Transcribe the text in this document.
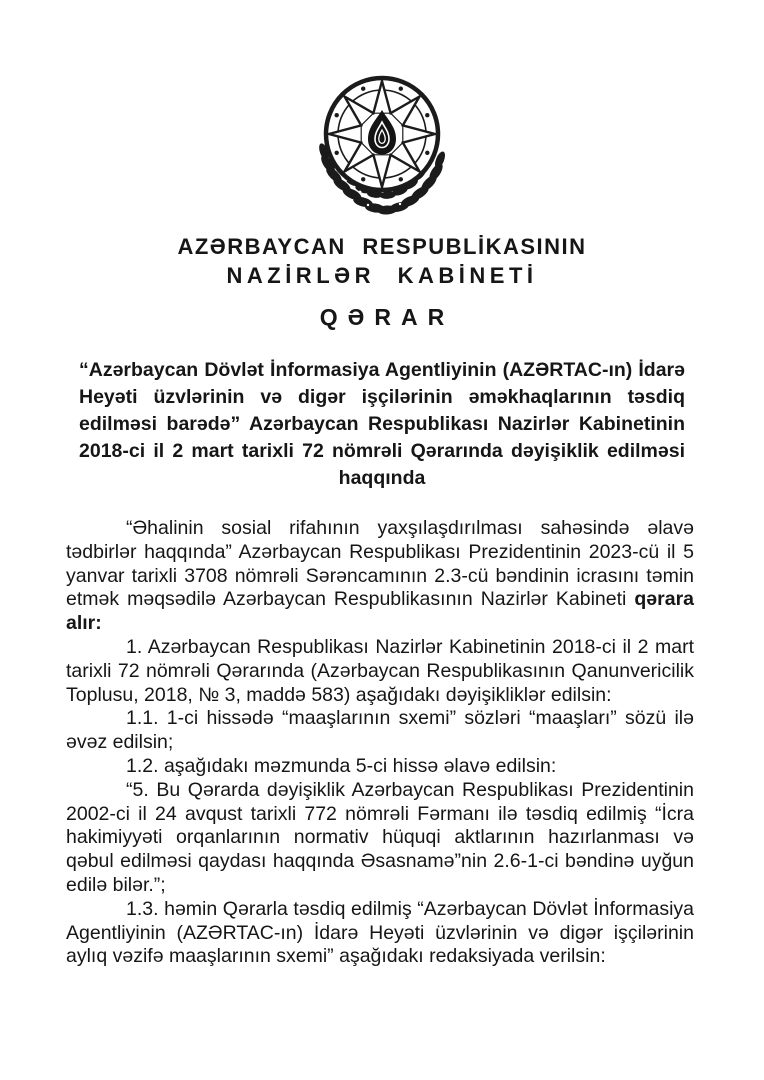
AZƏRBAYCAN RESPUBLİKASININ

NAZİRLƏR KABİNETİ

QƏRAR

“Azərbaycan Dövlət İnformasiya Agentliyinin (AZƏRTAC-ın) İdarə Heyəti üzvlərinin və digər işçilərinin əməkhaqlarının təsdiq edilməsi barədə” Azərbaycan Respublikası Nazirlər Kabinetinin 2018-ci il 2 mart tarixli 72 nömrəli Qərarında dəyişiklik edilməsi haqqında

“Əhalinin sosial rifahının yaxşılaşdırılması sahəsində əlavə tədbirlər haqqında” Azərbaycan Respublikası Prezidentinin 2023-cü il 5 yanvar tarixli 3708 nömrəli Sərəncamının 2.3-cü bəndinin icrasını təmin etmək məqsədilə Azərbaycan Respublikasının Nazirlər Kabineti qərara alır:

1. Azərbaycan Respublikası Nazirlər Kabinetinin 2018-ci il 2 mart tarixli 72 nömrəli Qərarında (Azərbaycan Respublikasının Qanunvericilik Toplusu, 2018, № 3, maddə 583) aşağıdakı dəyişikliklər edilsin:

1.1. 1-ci hissədə “maaşlarının sxemi” sözləri “maaşları” sözü ilə əvəz edilsin;

1.2. aşağıdakı məzmunda 5-ci hissə əlavə edilsin:

“5. Bu Qərarda dəyişiklik Azərbaycan Respublikası Prezidentinin 2002-ci il 24 avqust tarixli 772 nömrəli Fərmanı ilə təsdiq edilmiş “İcra hakimiyyəti orqanlarının normativ hüquqi aktlarının hazırlanması və qəbul edilməsi qaydası haqqında Əsasnamə”nin 2.6-1-ci bəndinə uyğun edilə bilər.”;

1.3. həmin Qərarla təsdiq edilmiş “Azərbaycan Dövlət İnformasiya Agentliyinin (AZƏRTAC-ın) İdarə Heyəti üzvlərinin və digər işçilərinin aylıq vəzifə maaşlarının sxemi” aşağıdakı redaksiyada verilsin:
